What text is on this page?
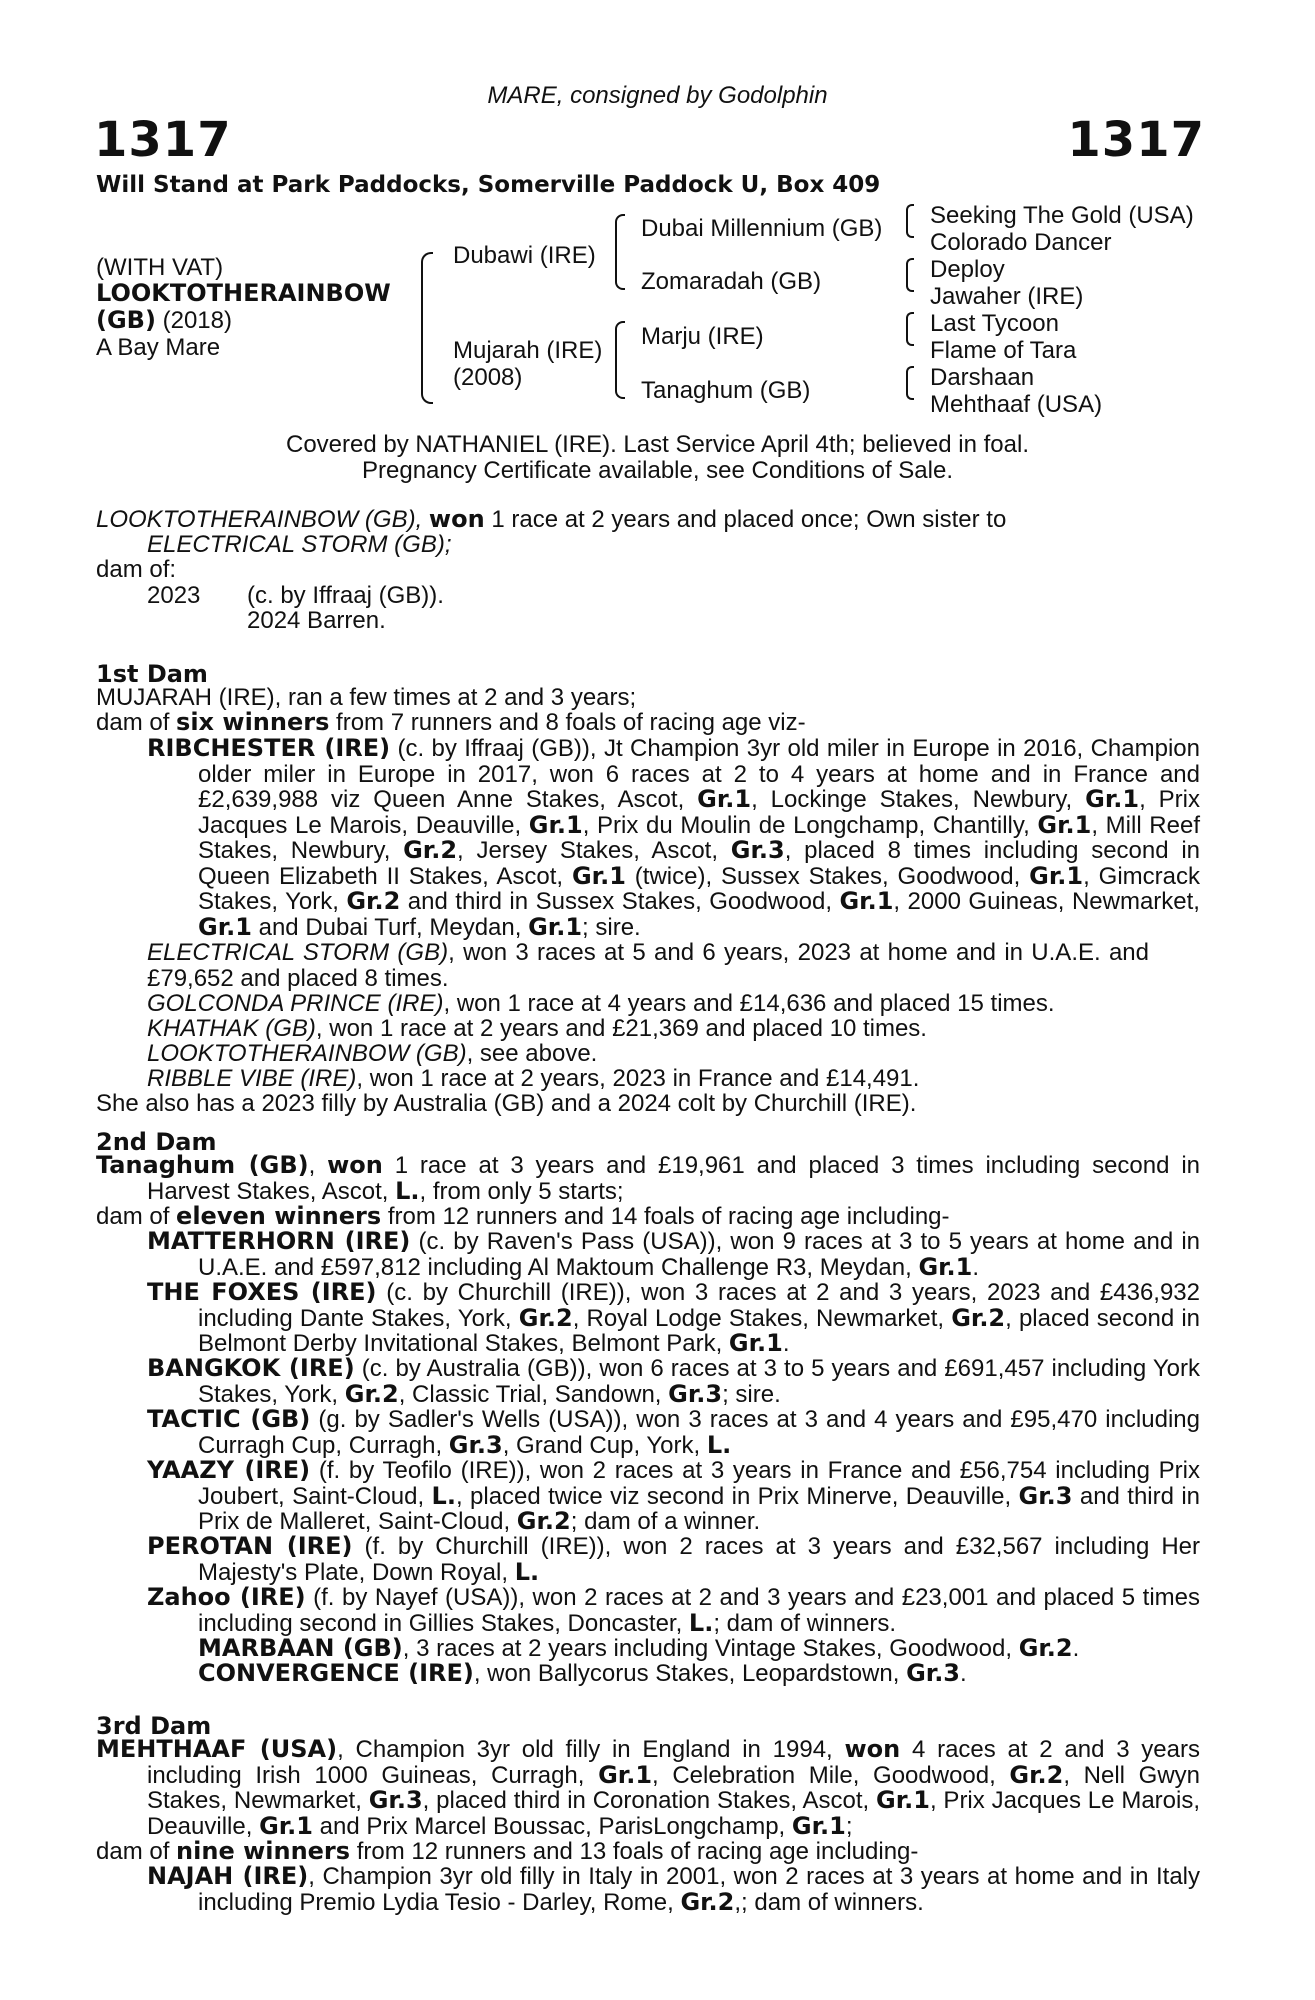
MARE, consigned by Godolphin
1317	1317
Will Stand at Park Paddocks, Somerville Paddock U, Box 409
(WITH VAT)
LOOKTOTHERAINBOW
(GB) (2018)
A Bay Mare
Dubawi (IRE)
Mujarah (IRE)
(2008)
Dubai Millennium (GB)
Zomaradah (GB)
Marju (IRE)
Tanaghum (GB)
Seeking The Gold (USA)
Colorado Dancer
Deploy
Jawaher (IRE)
Last Tycoon
Flame of Tara
Darshaan
Mehthaaf (USA)
Covered by NATHANIEL (IRE). Last Service April 4th; believed in foal.
Pregnancy Certificate available, see Conditions of Sale.
LOOKTOTHERAINBOW (GB), won 1 race at 2 years and placed once; Own sister to
ELECTRICAL STORM (GB);
dam of:
2023 (c. by Iffraaj (GB)).
2024 Barren.
1st Dam
MUJARAH (IRE), ran a few times at 2 and 3 years;
dam of six winners from 7 runners and 8 foals of racing age viz-
RIBCHESTER (IRE) (c. by Iffraaj (GB)), Jt Champion 3yr old miler in Europe in 2016, Champion older miler in Europe in 2017, won 6 races at 2 to 4 years at home and in France and £2,639,988 viz Queen Anne Stakes, Ascot, Gr.1, Lockinge Stakes, Newbury, Gr.1, Prix Jacques Le Marois, Deauville, Gr.1, Prix du Moulin de Longchamp, Chantilly, Gr.1, Mill Reef Stakes, Newbury, Gr.2, Jersey Stakes, Ascot, Gr.3, placed 8 times including second in Queen Elizabeth II Stakes, Ascot, Gr.1 (twice), Sussex Stakes, Goodwood, Gr.1, Gimcrack Stakes, York, Gr.2 and third in Sussex Stakes, Goodwood, Gr.1, 2000 Guineas, Newmarket, Gr.1 and Dubai Turf, Meydan, Gr.1; sire.
ELECTRICAL STORM (GB), won 3 races at 5 and 6 years, 2023 at home and in U.A.E. and £79,652 and placed 8 times.
GOLCONDA PRINCE (IRE), won 1 race at 4 years and £14,636 and placed 15 times.
KHATHAK (GB), won 1 race at 2 years and £21,369 and placed 10 times.
LOOKTOTHERAINBOW (GB), see above.
RIBBLE VIBE (IRE), won 1 race at 2 years, 2023 in France and £14,491.
She also has a 2023 filly by Australia (GB) and a 2024 colt by Churchill (IRE).
2nd Dam
Tanaghum (GB), won 1 race at 3 years and £19,961 and placed 3 times including second in Harvest Stakes, Ascot, L., from only 5 starts;
dam of eleven winners from 12 runners and 14 foals of racing age including-
MATTERHORN (IRE) (c. by Raven's Pass (USA)), won 9 races at 3 to 5 years at home and in U.A.E. and £597,812 including Al Maktoum Challenge R3, Meydan, Gr.1.
THE FOXES (IRE) (c. by Churchill (IRE)), won 3 races at 2 and 3 years, 2023 and £436,932 including Dante Stakes, York, Gr.2, Royal Lodge Stakes, Newmarket, Gr.2, placed second in Belmont Derby Invitational Stakes, Belmont Park, Gr.1.
BANGKOK (IRE) (c. by Australia (GB)), won 6 races at 3 to 5 years and £691,457 including York Stakes, York, Gr.2, Classic Trial, Sandown, Gr.3; sire.
TACTIC (GB) (g. by Sadler's Wells (USA)), won 3 races at 3 and 4 years and £95,470 including Curragh Cup, Curragh, Gr.3, Grand Cup, York, L.
YAAZY (IRE) (f. by Teofilo (IRE)), won 2 races at 3 years in France and £56,754 including Prix Joubert, Saint-Cloud, L., placed twice viz second in Prix Minerve, Deauville, Gr.3 and third in Prix de Malleret, Saint-Cloud, Gr.2; dam of a winner.
PEROTAN (IRE) (f. by Churchill (IRE)), won 2 races at 3 years and £32,567 including Her Majesty's Plate, Down Royal, L.
Zahoo (IRE) (f. by Nayef (USA)), won 2 races at 2 and 3 years and £23,001 and placed 5 times including second in Gillies Stakes, Doncaster, L.; dam of winners.
MARBAAN (GB), 3 races at 2 years including Vintage Stakes, Goodwood, Gr.2.
CONVERGENCE (IRE), won Ballycorus Stakes, Leopardstown, Gr.3.
3rd Dam
MEHTHAAF (USA), Champion 3yr old filly in England in 1994, won 4 races at 2 and 3 years including Irish 1000 Guineas, Curragh, Gr.1, Celebration Mile, Goodwood, Gr.2, Nell Gwyn Stakes, Newmarket, Gr.3, placed third in Coronation Stakes, Ascot, Gr.1, Prix Jacques Le Marois, Deauville, Gr.1 and Prix Marcel Boussac, ParisLongchamp, Gr.1;
dam of nine winners from 12 runners and 13 foals of racing age including-
NAJAH (IRE), Champion 3yr old filly in Italy in 2001, won 2 races at 3 years at home and in Italy including Premio Lydia Tesio - Darley, Rome, Gr.2,; dam of winners.
